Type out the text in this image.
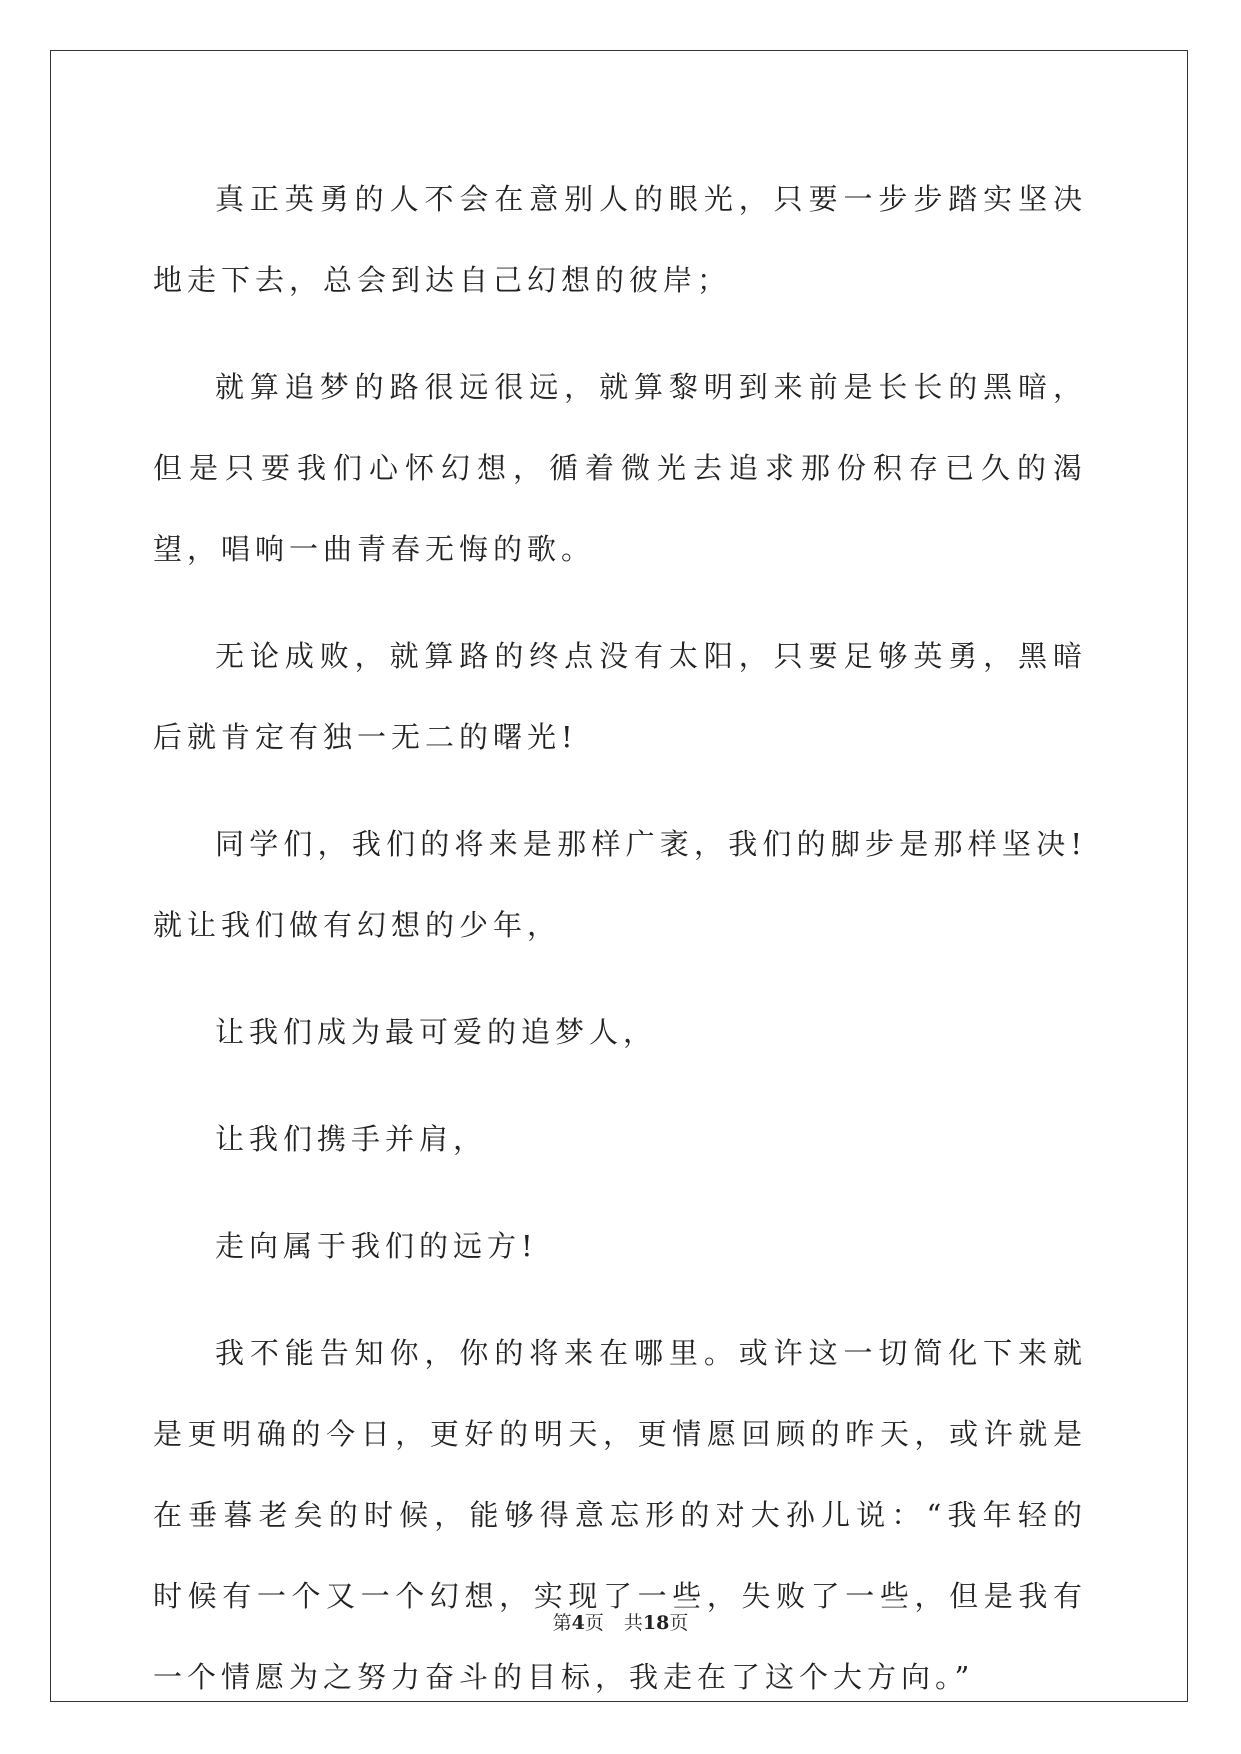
真正英勇的人不会在意别人的眼光，只要一步步踏实坚决地走下去，总会到达自己幻想的彼岸；

就算追梦的路很远很远，就算黎明到来前是长长的黑暗，但是只要我们心怀幻想，循着微光去追求那份积存已久的渴望，唱响一曲青春无悔的歌。

无论成败，就算路的终点没有太阳，只要足够英勇，黑暗后就肯定有独一无二的曙光!

同学们，我们的将来是那样广袤，我们的脚步是那样坚决!就让我们做有幻想的少年，

让我们成为最可爱的追梦人，

让我们携手并肩，

走向属于我们的远方!

我不能告知你，你的将来在哪里。或许这一切简化下来就是更明确的今日，更好的明天，更情愿回顾的昨天，或许就是在垂暮老矣的时候，能够得意忘形的对大孙儿说：“我年轻的时候有一个又一个幻想，实现了一些，失败了一些，但是我有一个情愿为之努力奋斗的目标，我走在了这个大方向。”

第4页 共18页
